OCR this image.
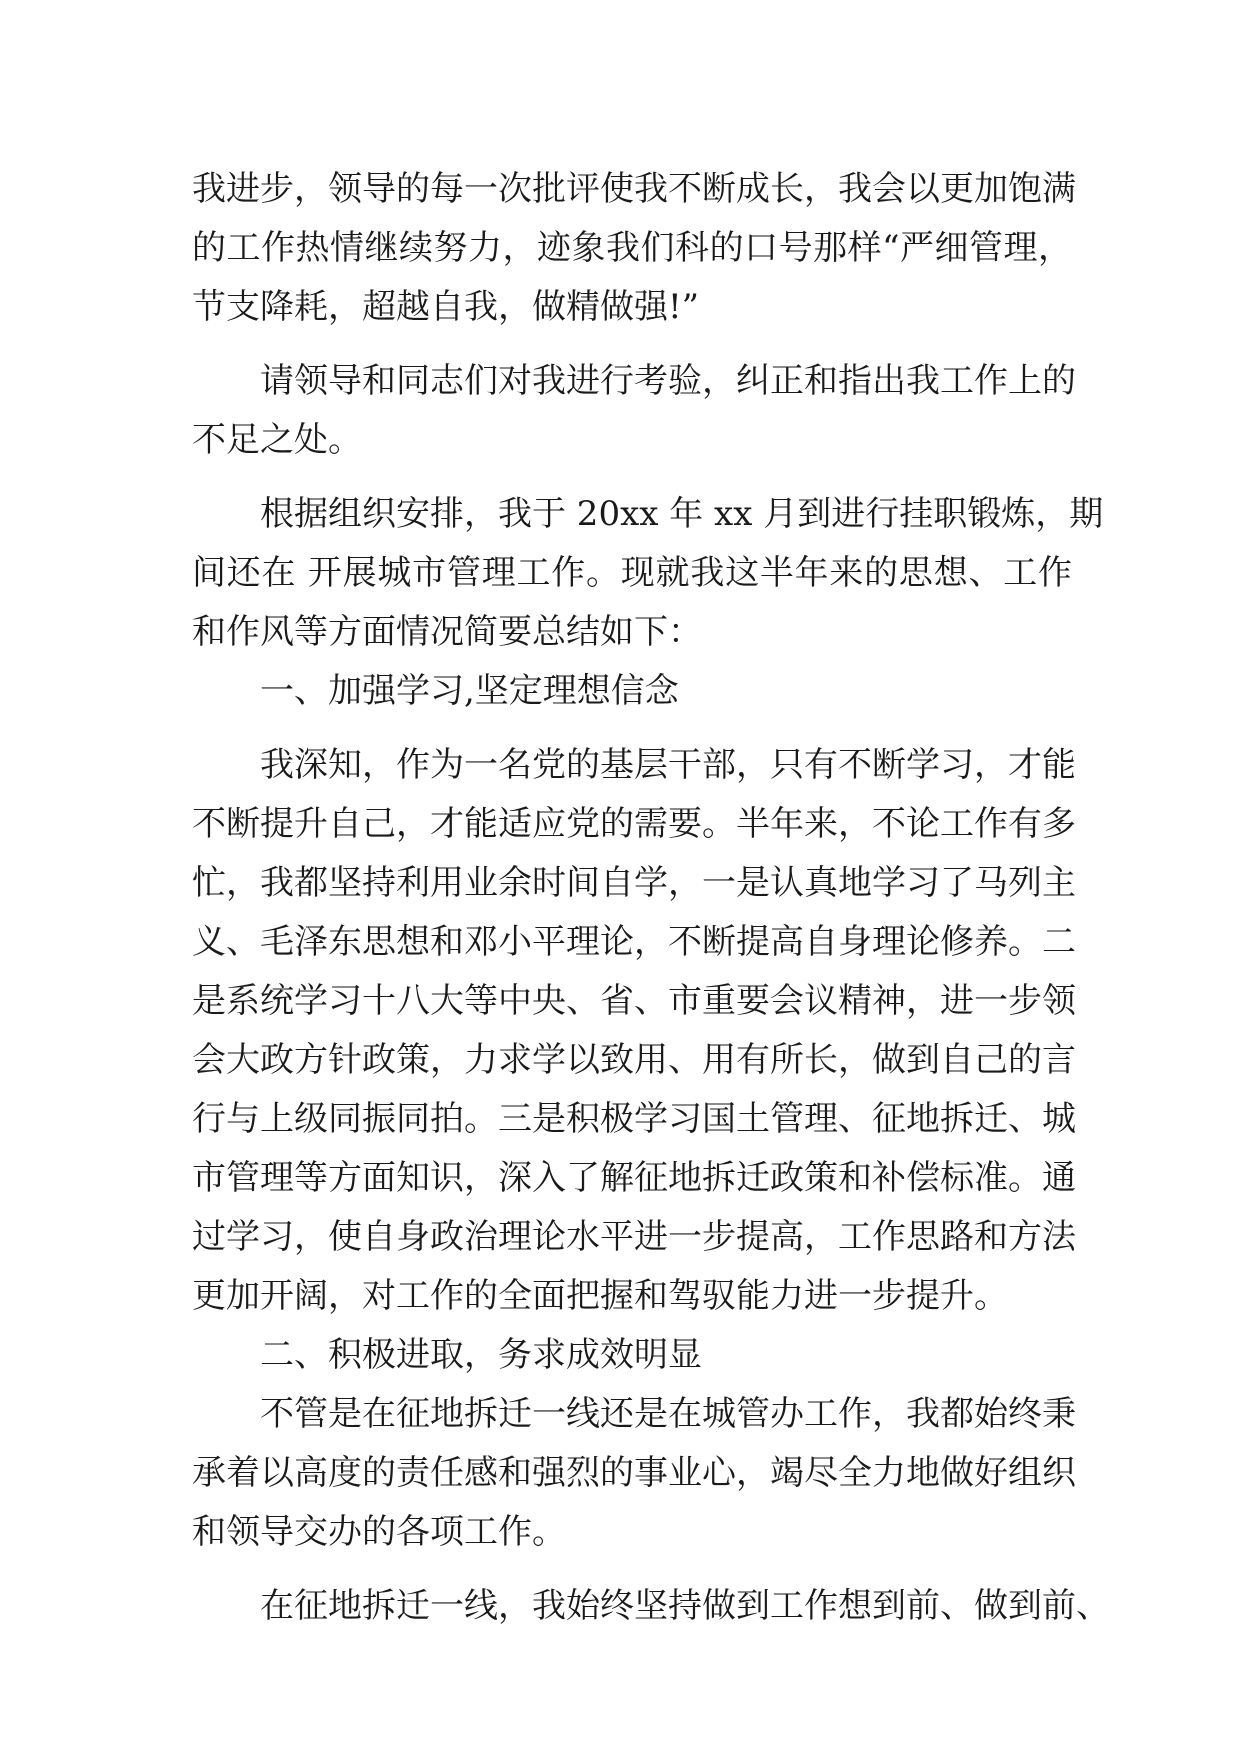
我进步，领导的每一次批评使我不断成长，我会以更加饱满
的工作热情继续努力，迹象我们科的口号那样“严细管理，
节支降耗，超越自我，做精做强!”
请领导和同志们对我进行考验，纠正和指出我工作上的
不足之处。
根据组织安排，我于 20xx 年 xx 月到进行挂职锻炼，期
间还在 开展城市管理工作。现就我这半年来的思想、工作
和作风等方面情况简要总结如下：
一、加强学习,坚定理想信念
我深知，作为一名党的基层干部，只有不断学习，才能
不断提升自己，才能适应党的需要。半年来，不论工作有多
忙，我都坚持利用业余时间自学，一是认真地学习了马列主
义、毛泽东思想和邓小平理论，不断提高自身理论修养。二
是系统学习十八大等中央、省、市重要会议精神，进一步领
会大政方针政策，力求学以致用、用有所长，做到自己的言
行与上级同振同拍。三是积极学习国土管理、征地拆迁、城
市管理等方面知识，深入了解征地拆迁政策和补偿标准。通
过学习，使自身政治理论水平进一步提高，工作思路和方法
更加开阔，对工作的全面把握和驾驭能力进一步提升。
二、积极进取，务求成效明显
不管是在征地拆迁一线还是在城管办工作，我都始终秉
承着以高度的责任感和强烈的事业心，竭尽全力地做好组织
和领导交办的各项工作。
在征地拆迁一线，我始终坚持做到工作想到前、做到前、
